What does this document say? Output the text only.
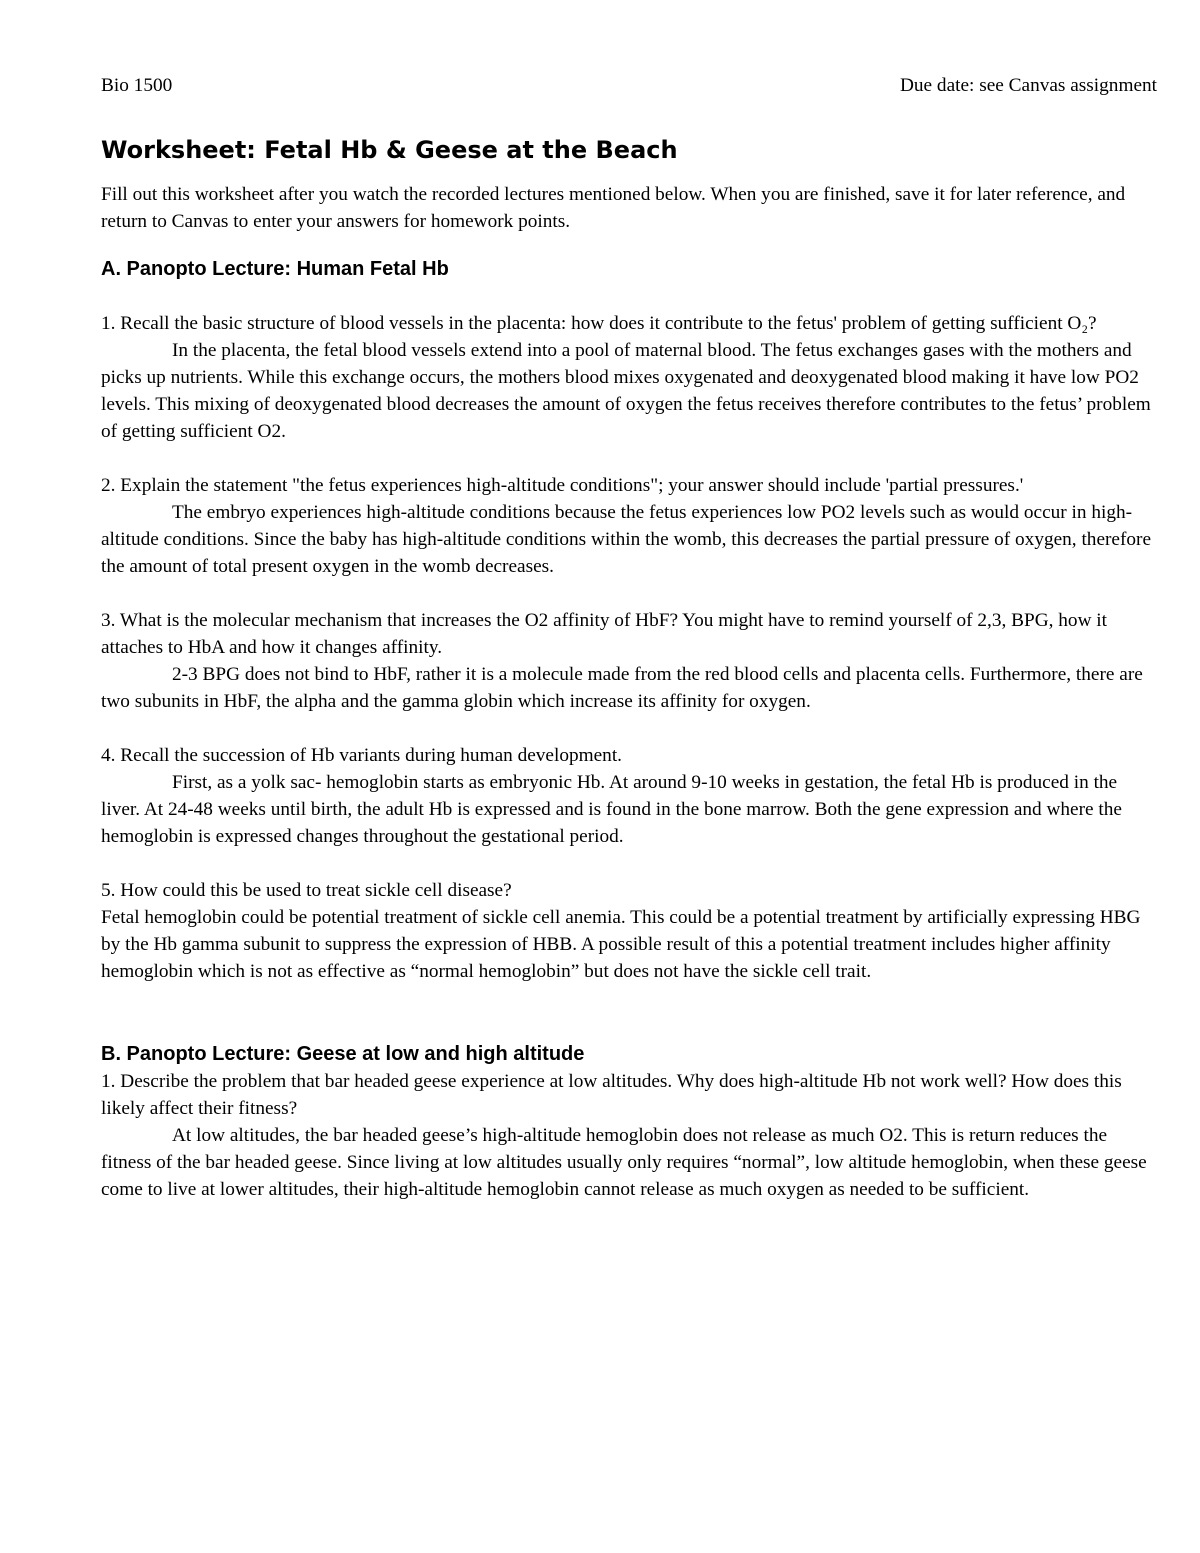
Bio 1500	Due date: see Canvas assignment
Worksheet: Fetal Hb & Geese at the Beach

Fill out this worksheet after you watch the recorded lectures mentioned below. When you are finished, save it for later reference, and return to Canvas to enter your answers for homework points.

A. Panopto Lecture: Human Fetal Hb

1. Recall the basic structure of blood vessels in the placenta: how does it contribute to the fetus' problem of getting sufficient O₂?

In the placenta, the fetal blood vessels extend into a pool of maternal blood. The fetus exchanges gases with the mothers and picks up nutrients. While this exchange occurs, the mothers blood mixes oxygenated and deoxygenated blood making it have low PO2 levels. This mixing of deoxygenated blood decreases the amount of oxygen the fetus receives therefore contributes to the fetus’ problem of getting sufficient O2.

2. Explain the statement "the fetus experiences high-altitude conditions"; your answer should include 'partial pressures.'

The embryo experiences high-altitude conditions because the fetus experiences low PO2 levels such as would occur in high-altitude conditions. Since the baby has high-altitude conditions within the womb, this decreases the partial pressure of oxygen, therefore the amount of total present oxygen in the womb decreases.

3. What is the molecular mechanism that increases the O2 affinity of HbF? You might have to remind yourself of 2,3, BPG, how it attaches to HbA and how it changes affinity.

2-3 BPG does not bind to HbF, rather it is a molecule made from the red blood cells and placenta cells. Furthermore, there are two subunits in HbF, the alpha and the gamma globin which increase its affinity for oxygen.

4. Recall the succession of Hb variants during human development.

First, as a yolk sac- hemoglobin starts as embryonic Hb. At around 9-10 weeks in gestation, the fetal Hb is produced in the liver. At 24-48 weeks until birth, the adult Hb is expressed and is found in the bone marrow. Both the gene expression and where the hemoglobin is expressed changes throughout the gestational period.

5. How could this be used to treat sickle cell disease?

Fetal hemoglobin could be potential treatment of sickle cell anemia. This could be a potential treatment by artificially expressing HBG by the Hb gamma subunit to suppress the expression of HBB. A possible result of this a potential treatment includes higher affinity hemoglobin which is not as effective as “normal hemoglobin” but does not have the sickle cell trait.

B. Panopto Lecture: Geese at low and high altitude

1. Describe the problem that bar headed geese experience at low altitudes. Why does high-altitude Hb not work well? How does this likely affect their fitness?

At low altitudes, the bar headed geese’s high-altitude hemoglobin does not release as much O2. This is return reduces the fitness of the bar headed geese. Since living at low altitudes usually only requires “normal”, low altitude hemoglobin, when these geese come to live at lower altitudes, their high-altitude hemoglobin cannot release as much oxygen as needed to be sufficient.
